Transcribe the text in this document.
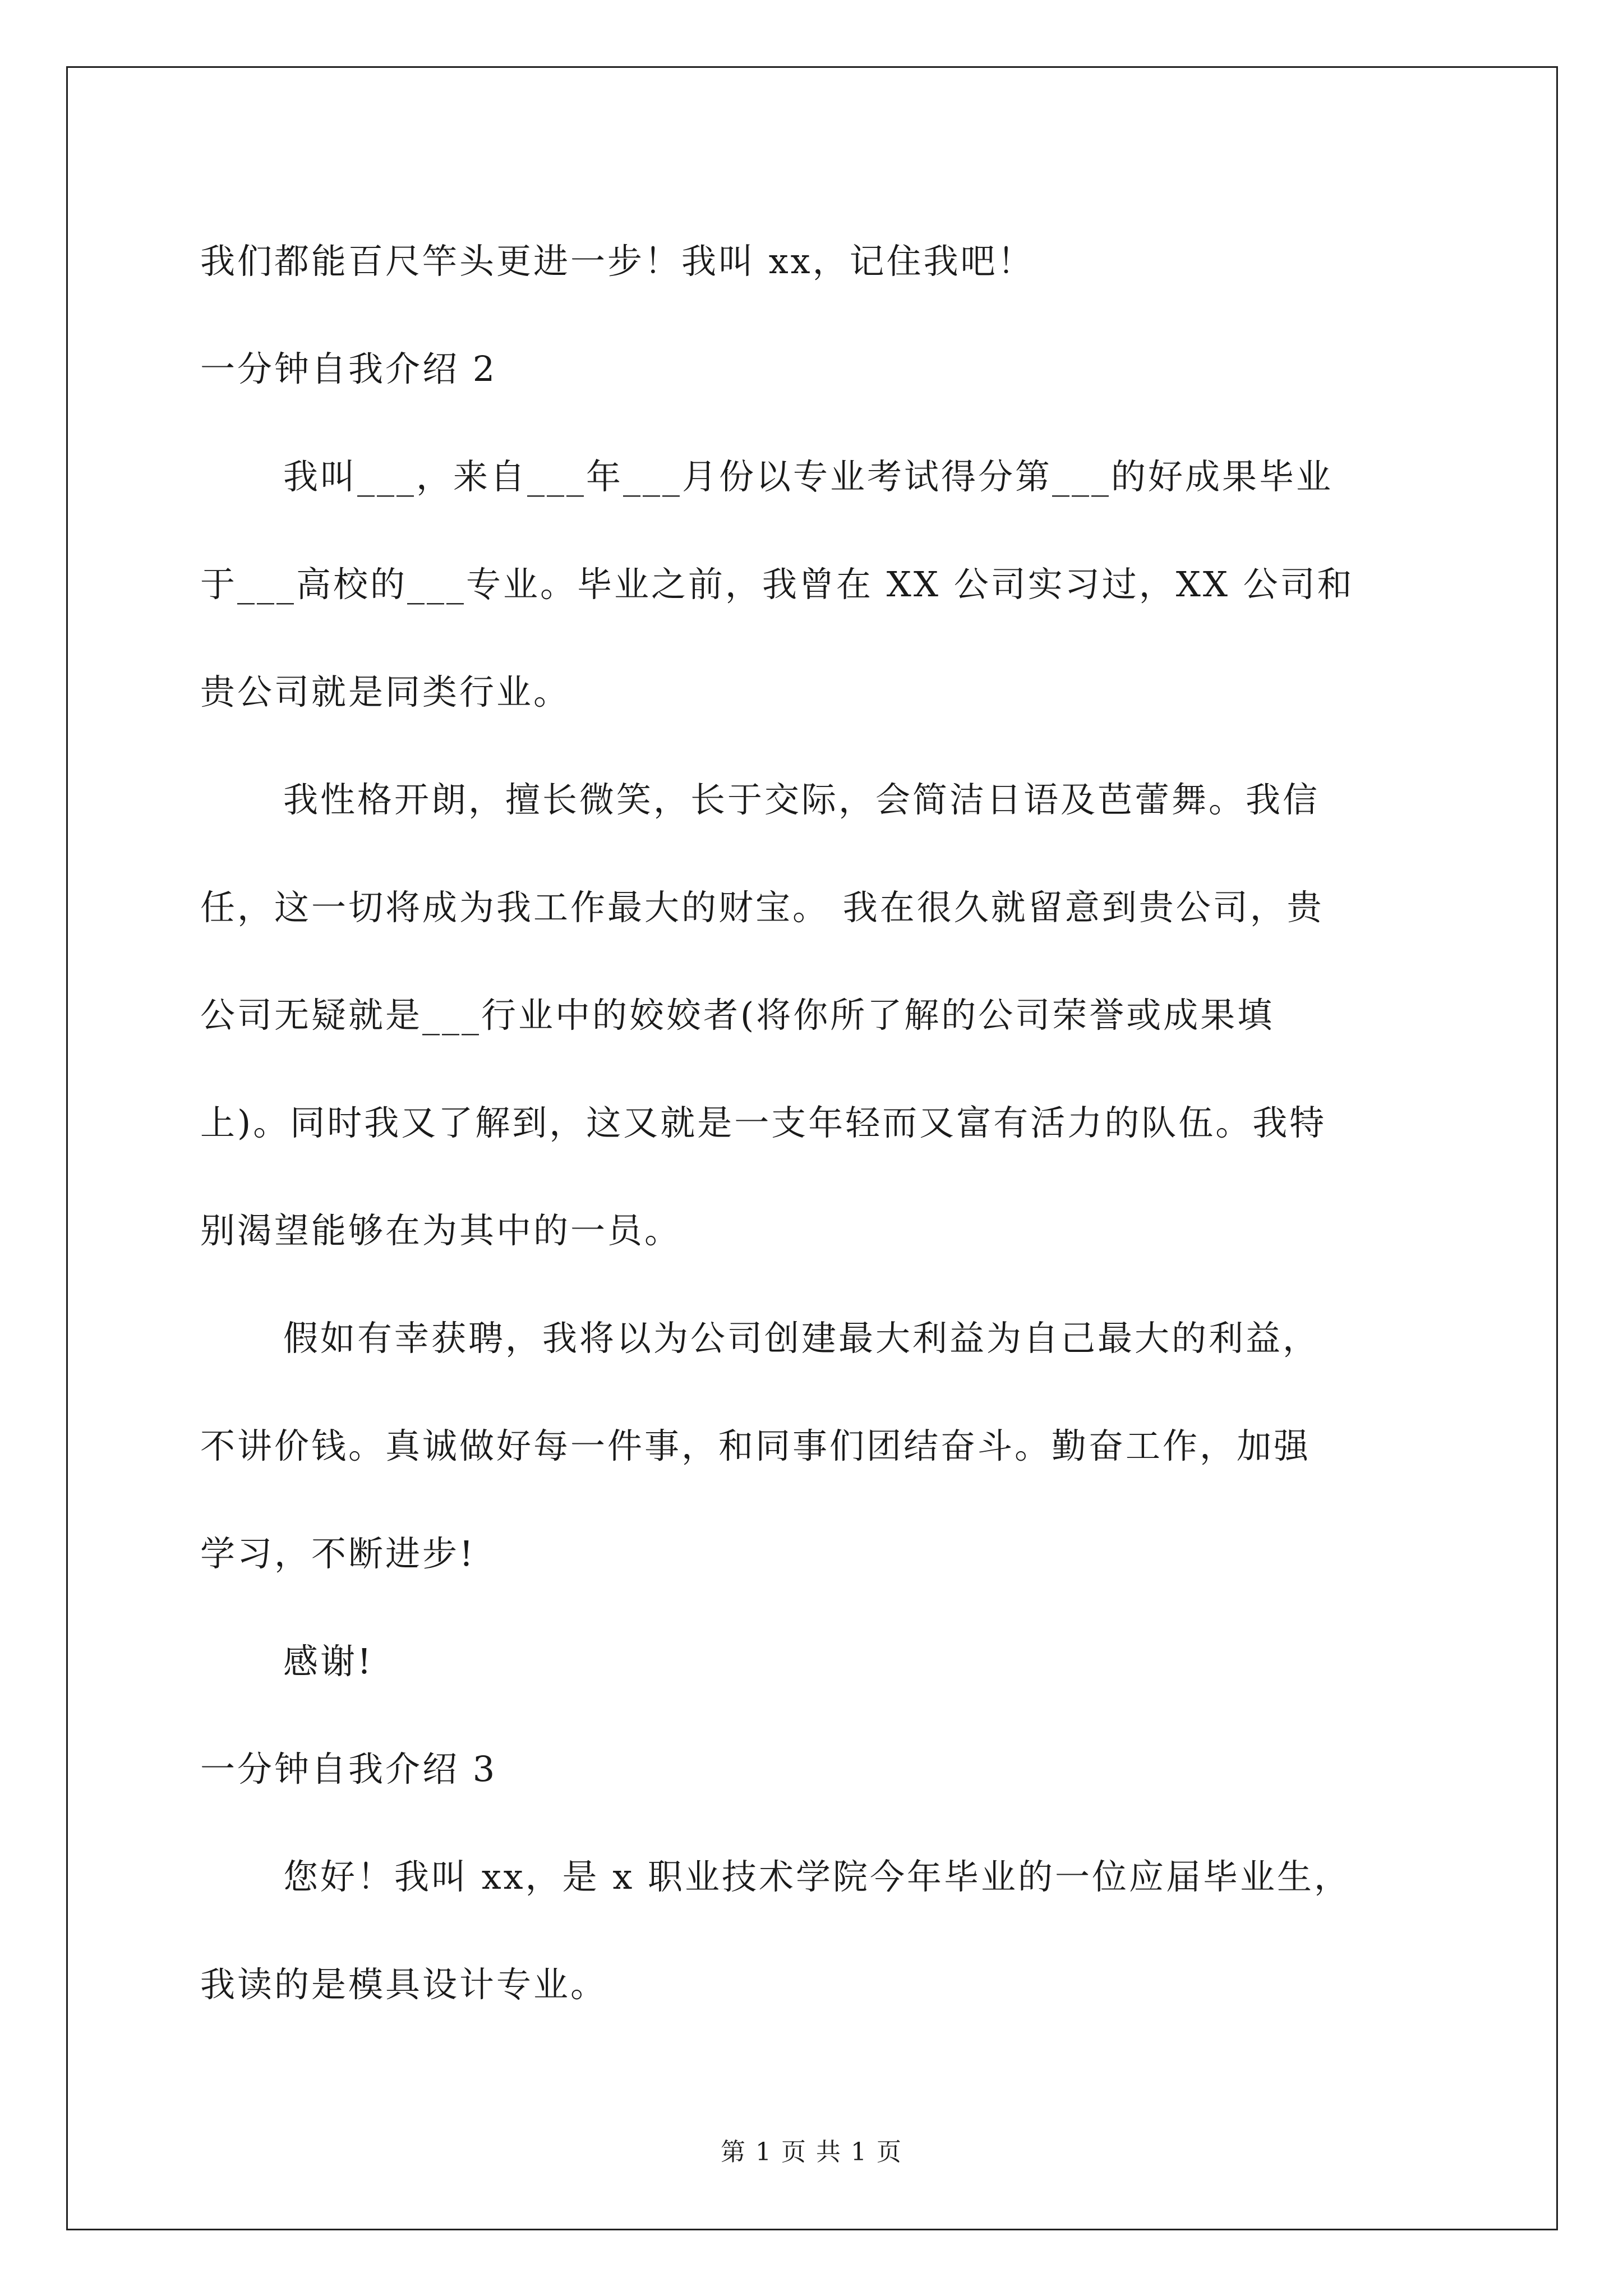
我们都能百尺竿头更进一步！我叫 xx，记住我吧！
一分钟自我介绍 2
我叫___，来自___年___月份以专业考试得分第___的好成果毕业
于___高校的___专业。毕业之前，我曾在 XX 公司实习过，XX 公司和
贵公司就是同类行业。
我性格开朗，擅长微笑，长于交际，会简洁日语及芭蕾舞。我信
任，这一切将成为我工作最大的财宝。 我在很久就留意到贵公司，贵
公司无疑就是___行业中的姣姣者(将你所了解的公司荣誉或成果填
上)。同时我又了解到，这又就是一支年轻而又富有活力的队伍。我特
别渴望能够在为其中的一员。
假如有幸获聘，我将以为公司创建最大利益为自己最大的利益，
不讲价钱。真诚做好每一件事，和同事们团结奋斗。勤奋工作，加强
学习，不断进步!
感谢!
一分钟自我介绍 3
您好！我叫 xx，是 x 职业技术学院今年毕业的一位应届毕业生，
我读的是模具设计专业。
第 1 页 共 1 页
